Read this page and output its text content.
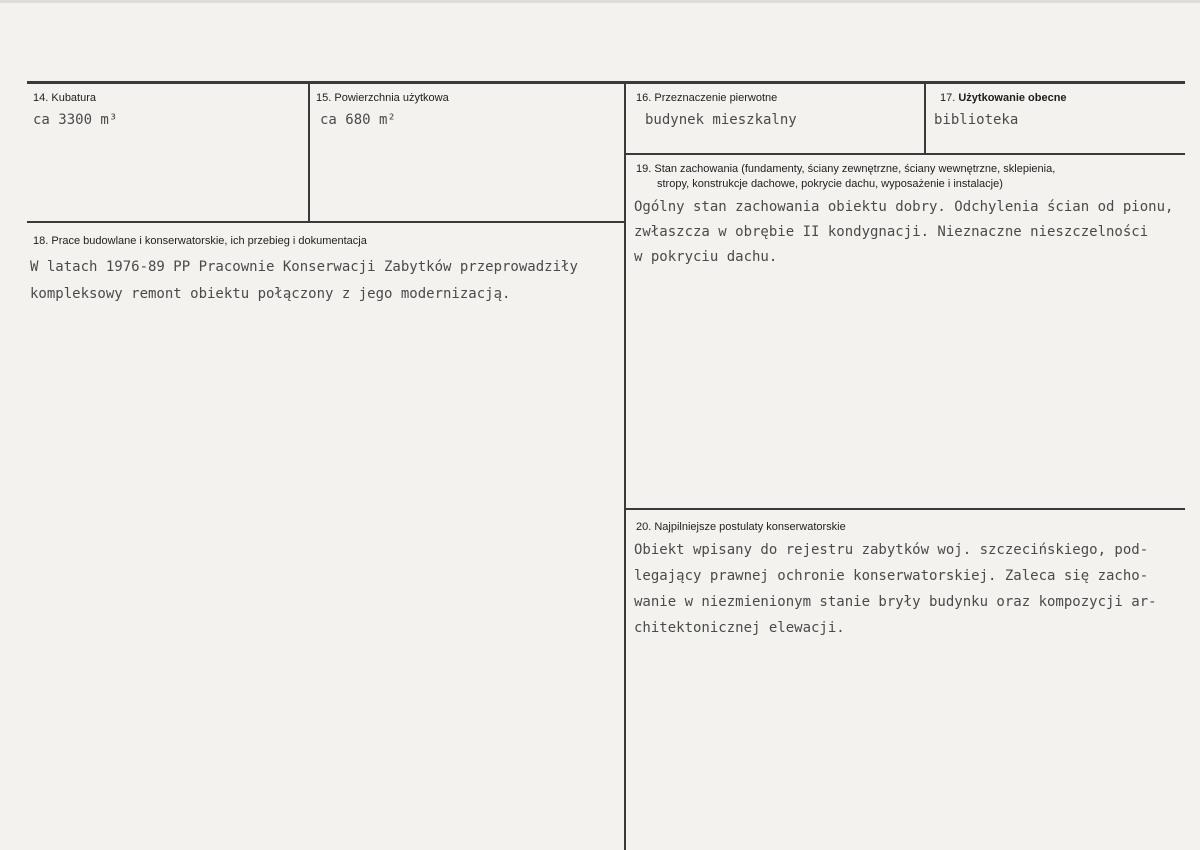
14. Kubatura
ca 3300 m³
15. Powierzchnia użytkowa
ca 680 m²
16. Przeznaczenie pierwotne
budynek mieszkalny
17. Użytkowanie obecne
biblioteka
19. Stan zachowania (fundamenty, ściany zewnętrzne, ściany wewnętrzne, sklepienia,
stropy, konstrukcje dachowe, pokrycie dachu, wyposażenie i instalacje)
Ogólny stan zachowania obiektu dobry. Odchylenia ścian od pionu,
zwłaszcza w obrębie II kondygnacji. Nieznaczne nieszczelności
w pokryciu dachu.
18. Prace budowlane i konserwatorskie, ich przebieg i dokumentacja
W latach 1976-89 PP Pracownie Konserwacji Zabytków przeprowadziły
kompleksowy remont obiektu połączony z jego modernizacją.
20. Najpilniejsze postulaty konserwatorskie
Obiekt wpisany do rejestru zabytków woj. szczecińskiego, pod-
legający prawnej ochronie konserwatorskiej. Zaleca się zacho-
wanie w niezmienionym stanie bryły budynku oraz kompozycji ar-
chitektonicznej elewacji.
